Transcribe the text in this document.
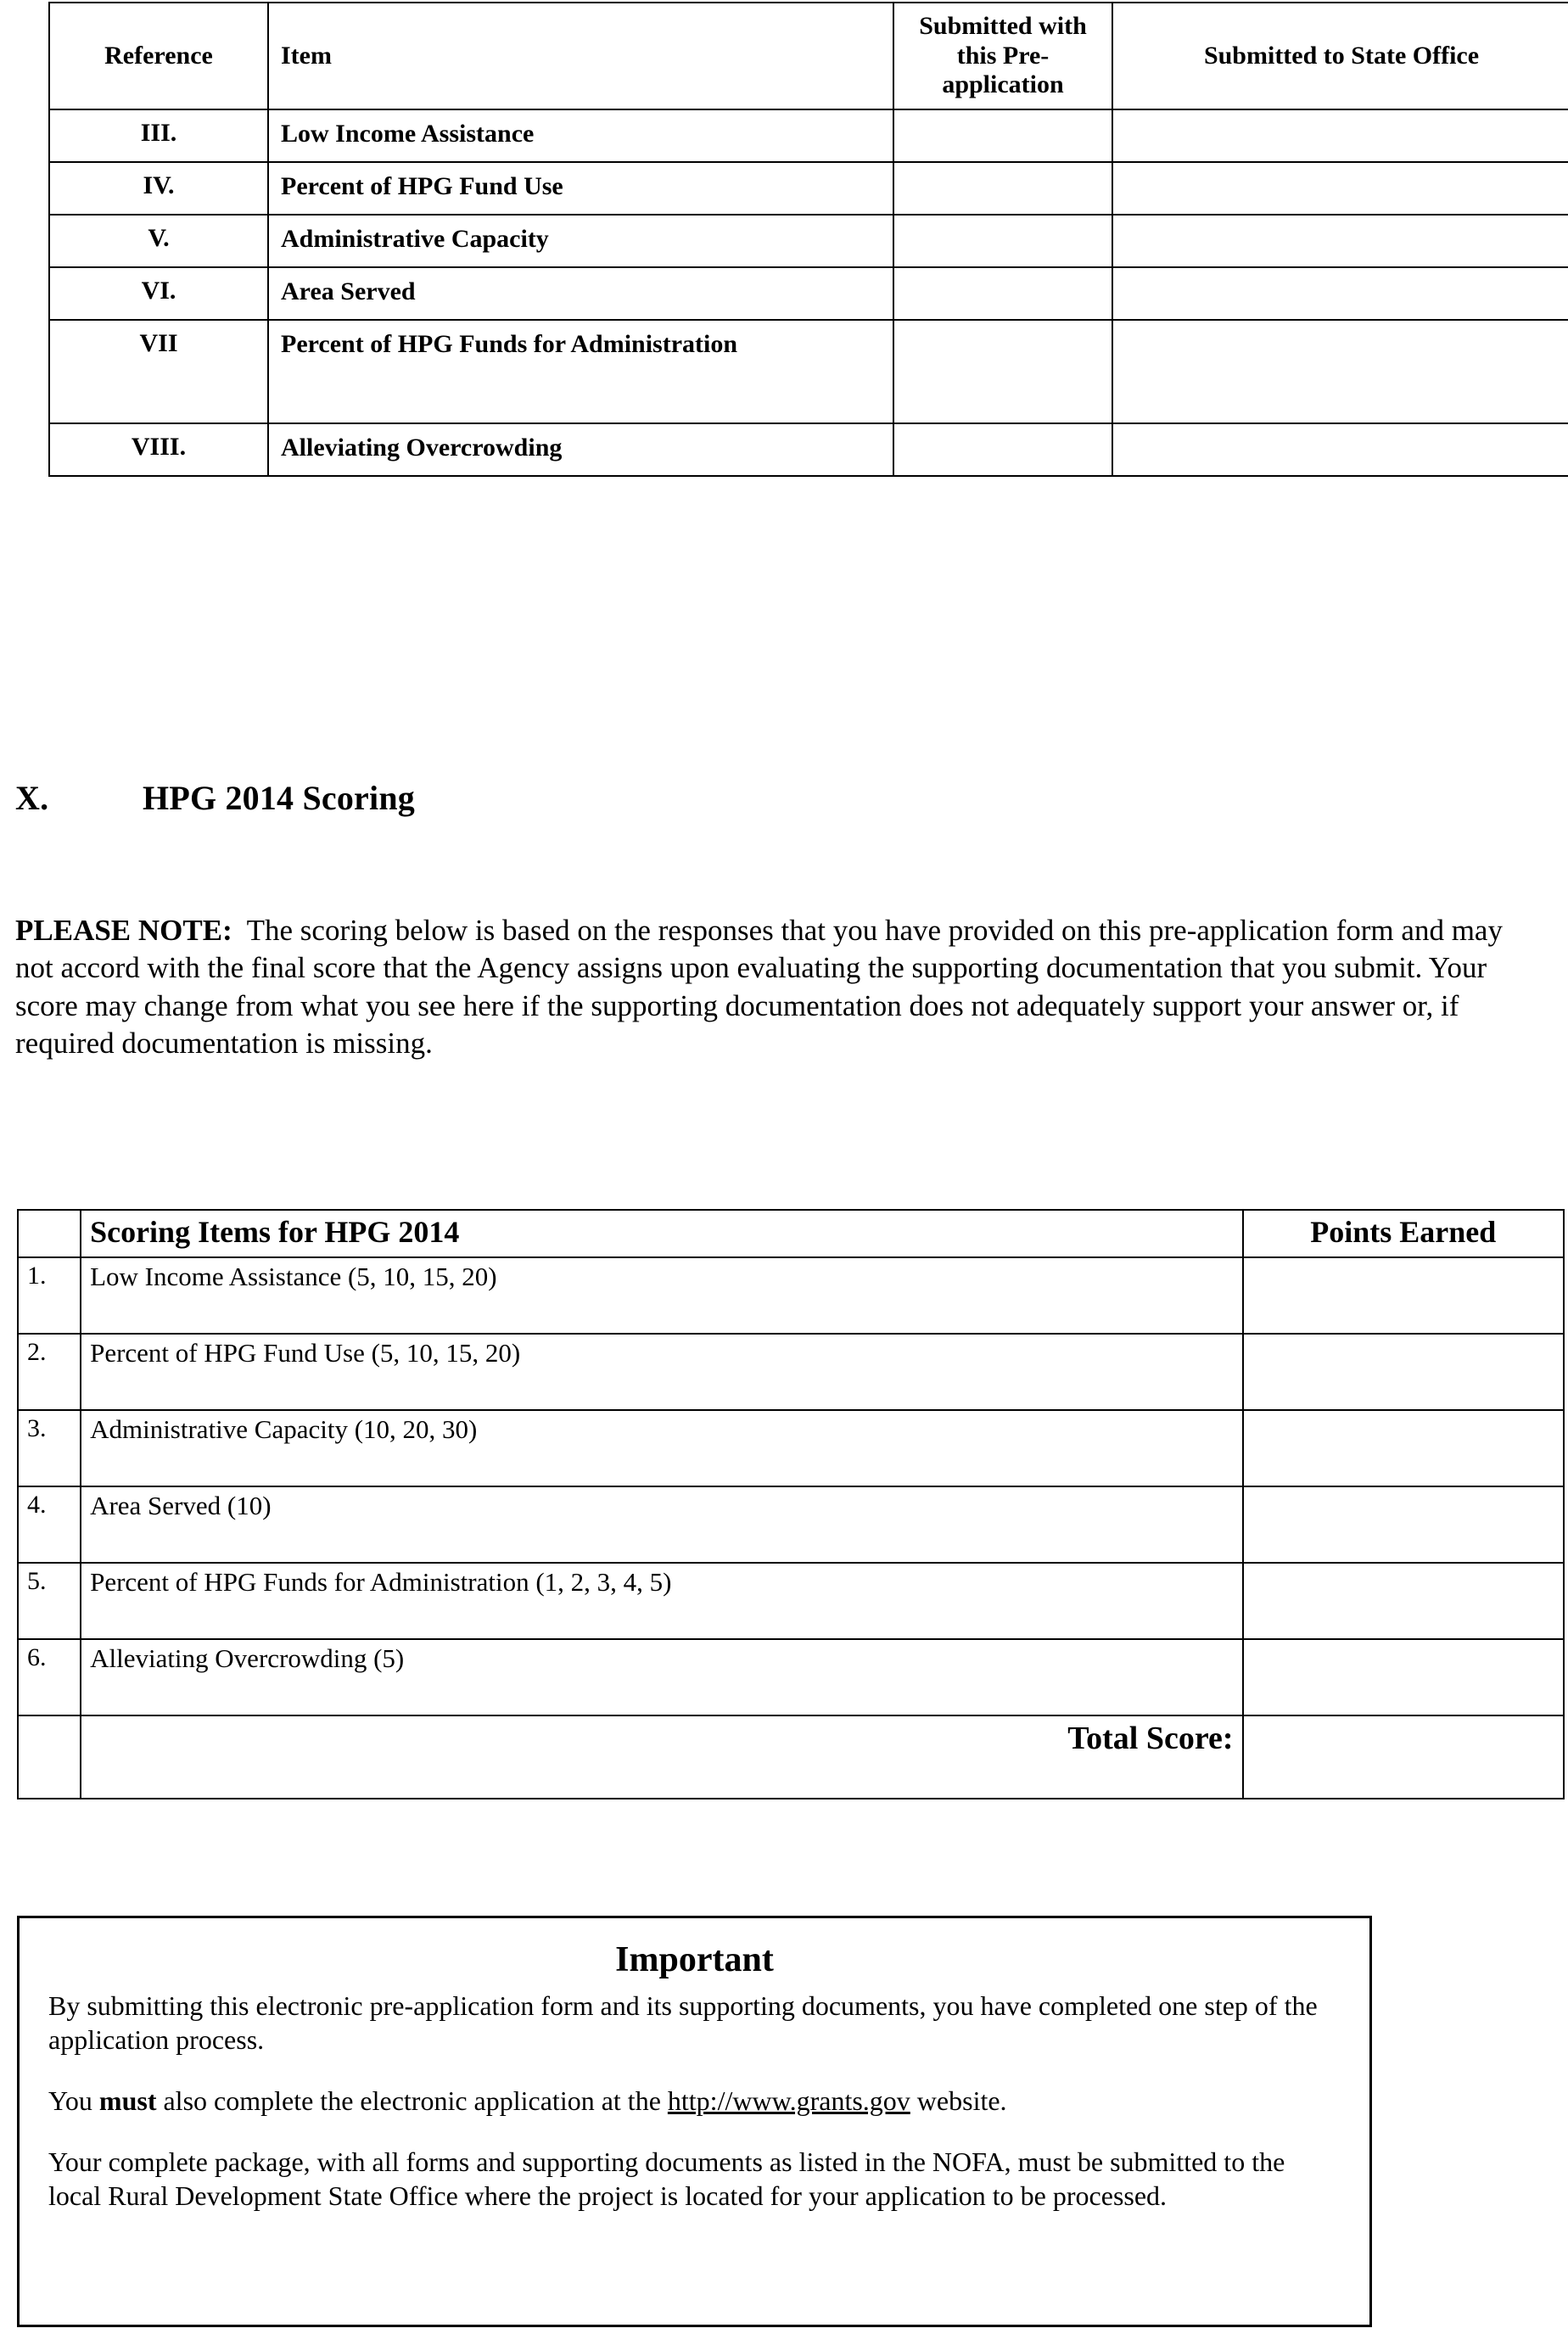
Reference	Item	Submitted with this Pre-application	Submitted to State Office
III.	Low Income Assistance		
IV.	Percent of HPG Fund Use		
V.	Administrative Capacity		
VI.	Area Served		
VII	Percent of HPG Funds for Administration		
VIII.	Alleviating Overcrowding		
X.	HPG 2014 Scoring
PLEASE NOTE: The scoring below is based on the responses that you have provided on this pre-application form and may not accord with the final score that the Agency assigns upon evaluating the supporting documentation that you submit. Your score may change from what you see here if the supporting documentation does not adequately support your answer or, if required documentation is missing.
	Scoring Items for HPG 2014	Points Earned
1.	Low Income Assistance (5, 10, 15, 20)	
2.	Percent of HPG Fund Use (5, 10, 15, 20)	
3.	Administrative Capacity (10, 20, 30)	
4.	Area Served (10)	
5.	Percent of HPG Funds for Administration (1, 2, 3, 4, 5)	
6.	Alleviating Overcrowding (5)	
	Total Score:	
Important

By submitting this electronic pre-application form and its supporting documents, you have completed one step of the application process.

You must also complete the electronic application at the http://www.grants.gov website.

Your complete package, with all forms and supporting documents as listed in the NOFA, must be submitted to the local Rural Development State Office where the project is located for your application to be processed.
